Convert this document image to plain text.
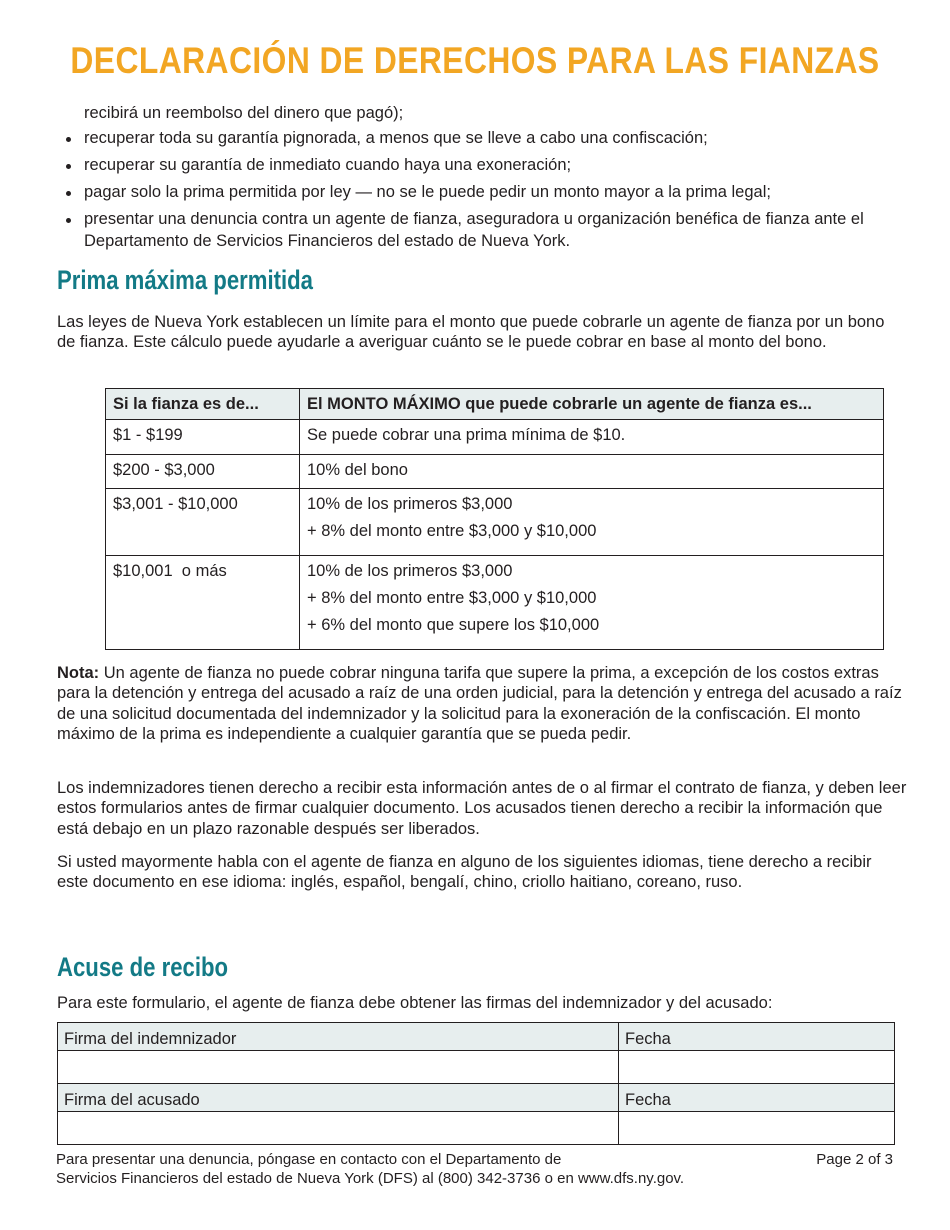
DECLARACIÓN DE DERECHOS PARA LAS FIANZAS
recibirá un reembolso del dinero que pagó);
recuperar toda su garantía pignorada, a menos que se lleve a cabo una confiscación;
recuperar su garantía de inmediato cuando haya una exoneración;
pagar solo la prima permitida por ley — no se le puede pedir un monto mayor a la prima legal;
presentar una denuncia contra un agente de fianza, aseguradora u organización benéfica de fianza ante el Departamento de Servicios Financieros del estado de Nueva York.
Prima máxima permitida

Las leyes de Nueva York establecen un límite para el monto que puede cobrarle un agente de fianza por un bono de fianza. Este cálculo puede ayudarle a averiguar cuánto se le puede cobrar en base al monto del bono.

Si la fianza es de...	El MONTO MÁXIMO que puede cobrarle un agente de fianza es...
$1 - $199	Se puede cobrar una prima mínima de $10.

$200 - $3,000	10% del bono

$3,001 - $10,000	10% de los primeros $3,000
+ 8% del monto entre $3,000 y $10,000

$10,001  o más	10% de los primeros $3,000
+ 8% del monto entre $3,000 y $10,000
+ 6% del monto que supere los $10,000

Nota: Un agente de fianza no puede cobrar ninguna tarifa que supere la prima, a excepción de los costos extras para la detención y entrega del acusado a raíz de una orden judicial, para la detención y entrega del acusado a raíz de una solicitud documentada del indemnizador y la solicitud para la exoneración de la confiscación. El monto máximo de la prima es independiente a cualquier garantía que se pueda pedir.

Los indemnizadores tienen derecho a recibir esta información antes de o al firmar el contrato de fianza, y deben leer estos formularios antes de firmar cualquier documento. Los acusados tienen derecho a recibir la información que está debajo en un plazo razonable después ser liberados.

Si usted mayormente habla con el agente de fianza en alguno de los siguientes idiomas, tiene derecho a recibir este documento en ese idioma: inglés, español, bengalí, chino, criollo haitiano, coreano, ruso.

Acuse de recibo

Para este formulario, el agente de fianza debe obtener las firmas del indemnizador y del acusado:

Firma del indemnizador	Fecha

Firma del acusado	Fecha

Para presentar una denuncia, póngase en contacto con el Departamento de
Servicios Financieros del estado de Nueva York (DFS) al (800) 342-3736 o en www.dfs.ny.gov.
Page 2 of 3
